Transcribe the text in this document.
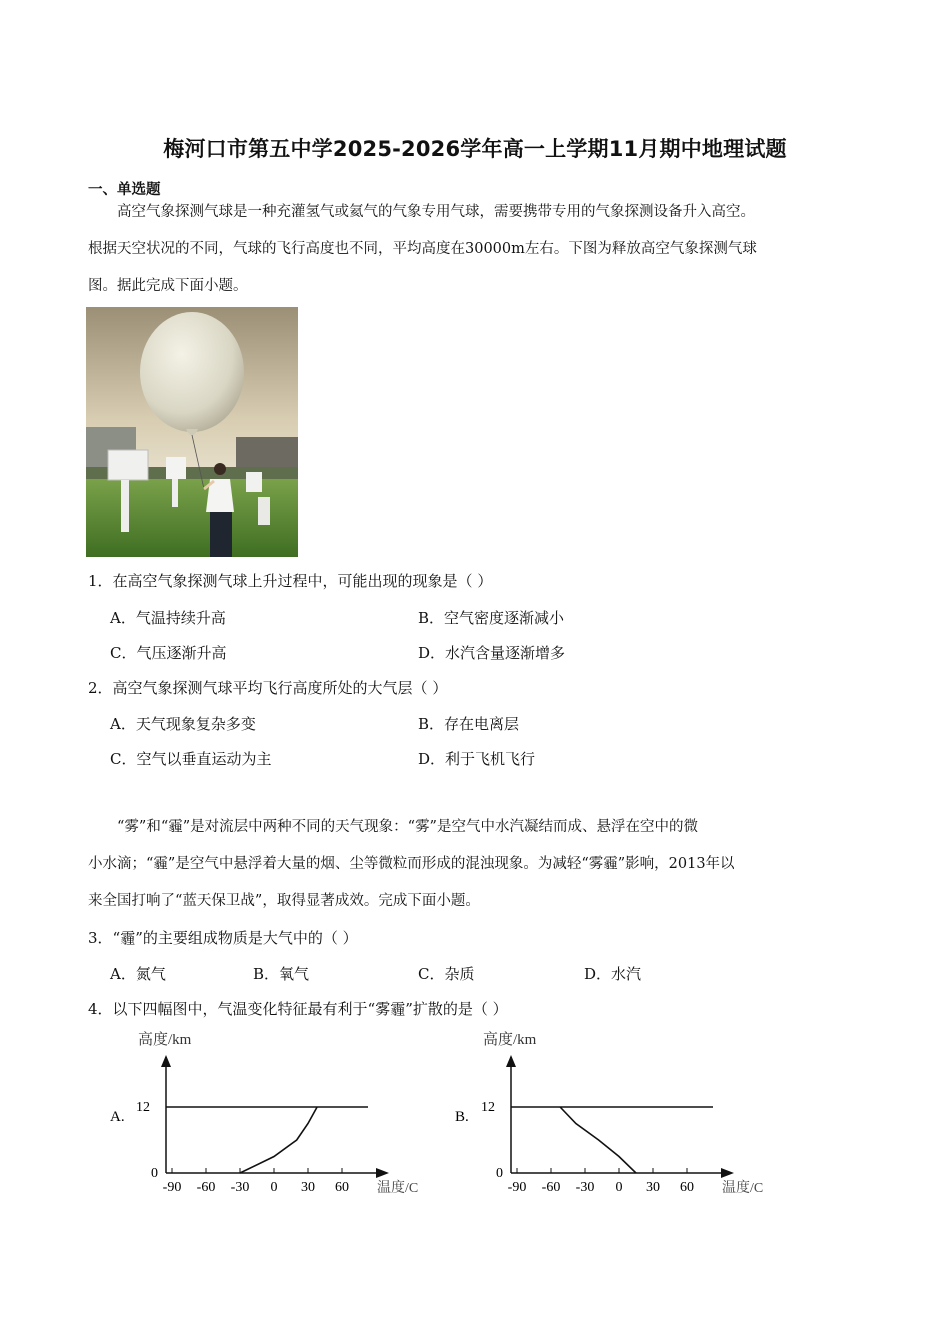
梅河口市第五中学2025-2026学年高一上学期11月期中地理试题
一、单选题
高空气象探测气球是一种充灌氢气或氦气的气象专用气球，需要携带专用的气象探测设备升入高空。
根据天空状况的不同，气球的飞行高度也不同，平均高度在30000m左右。下图为释放高空气象探测气球
图。据此完成下面小题。
1．在高空气象探测气球上升过程中，可能出现的现象是（ ）
A．气温持续升高	B．空气密度逐渐减小
C．气压逐渐升高	D．水汽含量逐渐增多
2．高空气象探测气球平均飞行高度所处的大气层（ ）
A．天气现象复杂多变	B．存在电离层
C．空气以垂直运动为主	D．利于飞机飞行
“雾”和“霾”是对流层中两种不同的天气现象：“雾”是空气中水汽凝结而成、悬浮在空中的微
小水滴；“霾”是空气中悬浮着大量的烟、尘等微粒而形成的混浊现象。为减轻“雾霾”影响，2013年以
来全国打响了“蓝天保卫战”，取得显著成效。完成下面小题。
3．“霾”的主要组成物质是大气中的（ ）
A．氮气	B．氧气	C．杂质	D．水汽
4．以下四幅图中，气温变化特征最有利于“雾霾”扩散的是（ ）
A.
高度/km
12
0
-90 -60 -30 0 30 60 温度/C
B.
高度/km
12
0
-90 -60 -30 0 30 60 温度/C
